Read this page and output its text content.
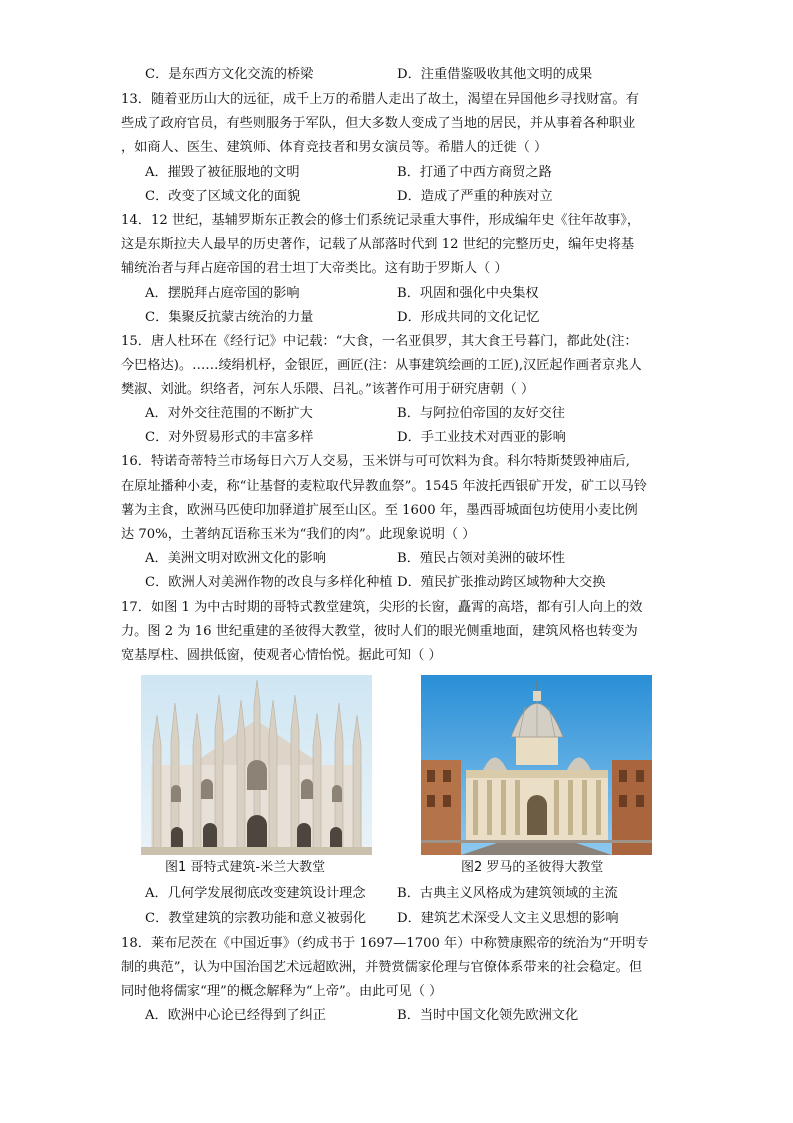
C．是东西方文化交流的桥梁	D．注重借鉴吸收其他文明的成果
13．随着亚历山大的远征，成千上万的希腊人走出了故土，渴望在异国他乡寻找财富。有
些成了政府官员，有些则服务于军队，但大多数人变成了当地的居民，并从事着各种职业
，如商人、医生、建筑师、体育竞技者和男女演员等。希腊人的迁徙（ ）
A．摧毁了被征服地的文明	B．打通了中西方商贸之路
C．改变了区域文化的面貌	D．造成了严重的种族对立
14．12 世纪，基辅罗斯东正教会的修士们系统记录重大事件，形成编年史《往年故事》，
这是东斯拉夫人最早的历史著作，记载了从部落时代到 12 世纪的完整历史，编年史将基
辅统治者与拜占庭帝国的君士坦丁大帝类比。这有助于罗斯人（ ）
A．摆脱拜占庭帝国的影响	B．巩固和强化中央集权
C．集聚反抗蒙古统治的力量	D．形成共同的文化记忆
15．唐人杜环在《经行记》中记载：“大食，一名亚俱罗，其大食王号暮门，都此处(注：
今巴格达)。……绫绢机杼，金银匠，画匠(注：从事建筑绘画的工匠),汉匠起作画者京兆人
樊淑、刘泚。织络者，河东人乐隈、吕礼。”该著作可用于研究唐朝（ ）
A．对外交往范围的不断扩大	B．与阿拉伯帝国的友好交往
C．对外贸易形式的丰富多样	D．手工业技术对西亚的影响
16．特诺奇蒂特兰市场每日六万人交易，玉米饼与可可饮料为食。科尔特斯焚毁神庙后,
在原址播种小麦，称“让基督的麦粒取代异教血祭”。1545 年波托西银矿开发，矿工以马铃
薯为主食，欧洲马匹使印加驿道扩展至山区。至 1600 年，墨西哥城面包坊使用小麦比例
达 70%，土著纳瓦语称玉米为“我们的肉”。此现象说明（ ）
A．美洲文明对欧洲文化的影响	B．殖民占领对美洲的破坏性
C．欧洲人对美洲作物的改良与多样化种植 D．殖民扩张推动跨区域物种大交换
17．如图 1 为中古时期的哥特式教堂建筑，尖形的长窗，矗霄的高塔，都有引人向上的效
力。图 2 为 16 世纪重建的圣彼得大教堂，彼时人们的眼光侧重地面，建筑风格也转变为
宽基厚柱、圆拱低窗，使观者心情怡悦。据此可知（ ）
图1 哥特式建筑-米兰大教堂	图2 罗马的圣彼得大教堂
A．几何学发展彻底改变建筑设计理念 B．古典主义风格成为建筑领域的主流
C．教堂建筑的宗教功能和意义被弱化 D．建筑艺术深受人文主义思想的影响
18．莱布尼茨在《中国近事》（约成书于 1697—1700 年）中称赞康熙帝的统治为“开明专
制的典范”，认为中国治国艺术远超欧洲，并赞赏儒家伦理与官僚体系带来的社会稳定。但
同时他将儒家“理”的概念解释为“上帝”。由此可见（ ）
A．欧洲中心论已经得到了纠正	B．当时中国文化领先欧洲文化
